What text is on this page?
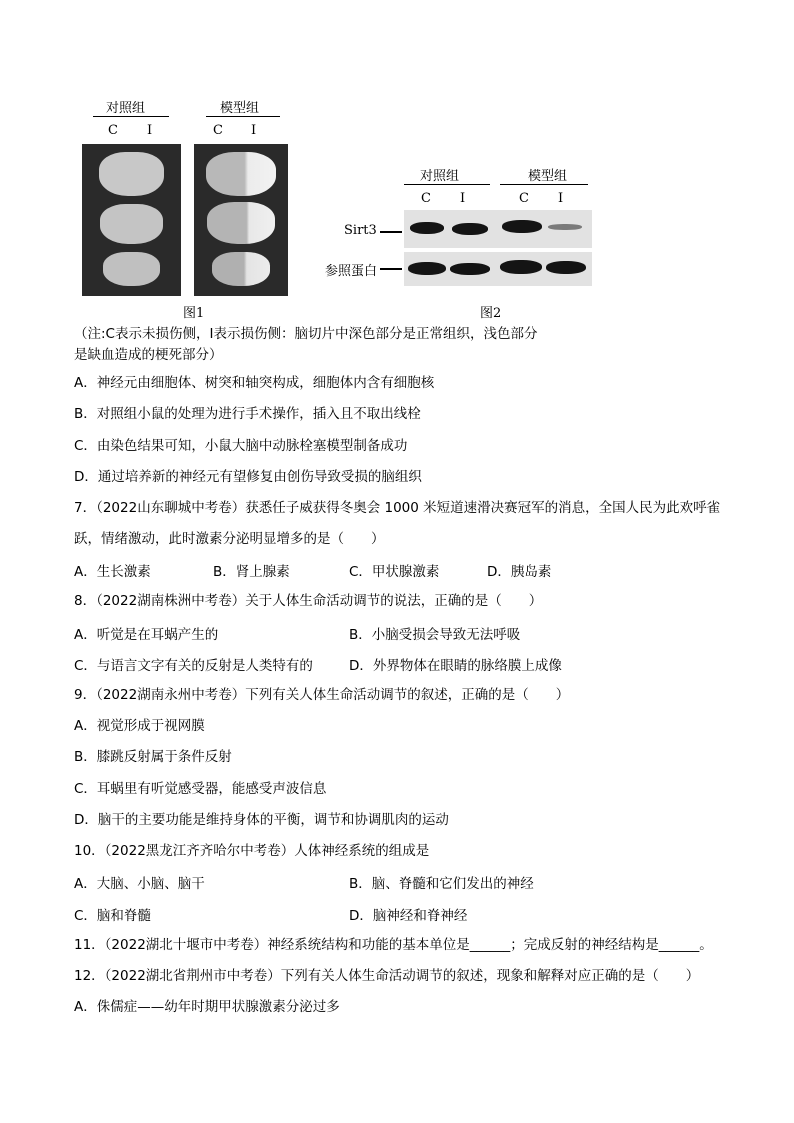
对照组	模型组
C I	C I
图1
对照组	模型组
C I	C I
Sirt3
参照蛋白
图2
（注:C表示未损伤侧，Ⅰ表示损伤侧：脑切片中深色部分是正常组织，浅色部分
是缺血造成的梗死部分）
A．神经元由细胞体、树突和轴突构成，细胞体内含有细胞核
B．对照组小鼠的处理为进行手术操作，插入且不取出线栓
C．由染色结果可知，小鼠大脑中动脉栓塞模型制备成功
D．通过培养新的神经元有望修复由创伤导致受损的脑组织
7．（2022山东聊城中考卷）获悉任子威获得冬奥会 1000 米短道速滑决赛冠军的消息，全国人民为此欢呼雀
跃，情绪激动，此时激素分泌明显增多的是（　　）
A．生长激素	B．肾上腺素	C．甲状腺激素	D．胰岛素
8．（2022湖南株洲中考卷）关于人体生命活动调节的说法，正确的是（　　）
A．听觉是在耳蜗产生的	B．小脑受损会导致无法呼吸
C．与语言文字有关的反射是人类特有的	D．外界物体在眼睛的脉络膜上成像
9．（2022湖南永州中考卷）下列有关人体生命活动调节的叙述，正确的是（　　）
A．视觉形成于视网膜
B．膝跳反射属于条件反射
C．耳蜗里有听觉感受器，能感受声波信息
D．脑干的主要功能是维持身体的平衡，调节和协调肌肉的运动
10．（2022黑龙江齐齐哈尔中考卷）人体神经系统的组成是
A．大脑、小脑、脑干	B．脑、脊髓和它们发出的神经
C．脑和脊髓	D．脑神经和脊神经
11．（2022湖北十堰市中考卷）神经系统结构和功能的基本单位是______；完成反射的神经结构是______。
12．（2022湖北省荆州市中考卷）下列有关人体生命活动调节的叙述，现象和解释对应正确的是（　　）
A．侏儒症——幼年时期甲状腺激素分泌过多
